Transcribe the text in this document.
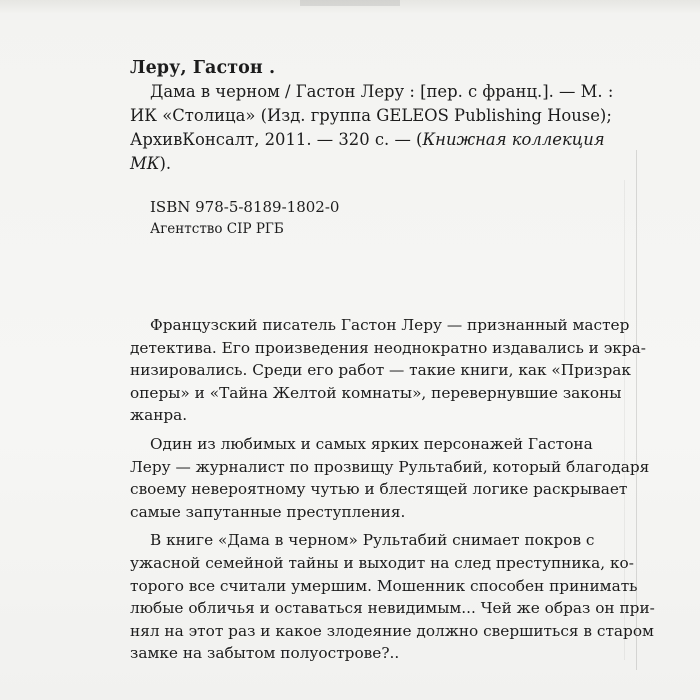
Леру, Гастон .

Дама в черном / Гастон Леру : [пер. с франц.]. — М. :

ИК «Столица» (Изд. группа GELEOS Publishing House);

АрхивКонсалт, 2011. — 320 с. — (Книжная коллекция

МК).

ISBN 978-5-8189-1802-0

Агентство CIP РГБ

Французский писатель Гастон Леру — признанный мастер

детектива. Его произведения неоднократно издавались и экра-

низировались. Среди его работ — такие книги, как «Призрак

оперы» и «Тайна Желтой комнаты», перевернувшие законы

жанра.

Один из любимых и самых ярких персонажей Гастона

Леру — журналист по прозвищу Рультабий, который благодаря

своему невероятному чутью и блестящей логике раскрывает

самые запутанные преступления.

В книге «Дама в черном» Рультабий снимает покров с

ужасной семейной тайны и выходит на след преступника, ко-

торого все считали умершим. Мошенник способен принимать

любые обличья и оставаться невидимым... Чей же образ он при-

нял на этот раз и какое злодеяние должно свершиться в старом

замке на забытом полуострове?..
